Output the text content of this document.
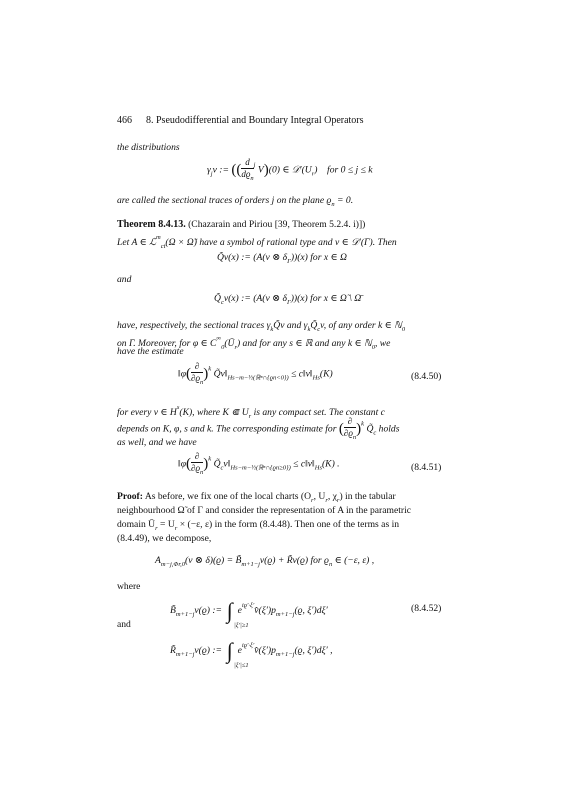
466 8. Pseudodifferential and Boundary Integral Operators
the distributions
$\gamma_jv$ := (( $\frac{d}{dϱ_n} ^j$ V)(0) ∈ $𝒟'(U_r)$    for 0 ≤ j ≤ k
are called the sectional traces of orders j on the plane $ϱ_n = 0$.
Theorem 8.4.13. (Chazarain and Piriou [39, Theorem 5.2.4. i)])
Let A ∈ ℒ$^m_{ct}$(Ω × Ω̃) have a symbol of rational type and v ∈ 𝒟′(Γ). Then
Q̃v(x) := (A(v ⊗ $\delta_\Gamma))(x)$ for x ∈ Ω
and
$Q̃_cv(x)$ := (A(v ⊗ $\delta_\Gamma))(x)$ for x ∈ Ω̃ \ Ω̄
have, respectively, the sectional traces $\gamma_kQ̃v$ and $\gamma_kQ̃_cv$, of any order k ∈ ℕ$_0$
on Γ. Moreover, for φ ∈ $C^\infty_0(Ū_r)$ and for any s ∈ ℝ and any k ∈ ℕ$_0$, we
have the estimate
‖φ( $\frac{\partial}{\partial ϱ_n} )^k$ $Q̃v‖_{Hs-m-\frac{1}{2}(ℝ^n\cap\{ϱn<0\})}$ ≤ $c‖v‖_{Hs}(K)$	(8.4.50)
for every v ∈ $H^s(K)$, where K ⋐ $U_r$ is any compact set. The constant c
depends on K, φ, s and k. The corresponding estimate for ( $\frac{\partial}{\partial ϱ_n} )^k$ $Q̃_c$ holds
as well, and we have
‖φ( $\frac{\partial}{\partial ϱ_n} )^k$ $Q̃_cv‖_{Hs-m-\frac{1}{2}(ℝ^n\cap\{ϱn\ge 0\})}$ ≤ $c‖v‖_{Hs}(K)$ .	(8.4.51)
Proof: As before, we fix one of the local charts ($O_r$, $U_r$, $\chi_r$) in the tabular
neighbourhood Ω̃ of Γ and consider the representation of A in the parametric
domain $Ū_r = U_r \times (-\varepsilon$, ε) in the form (8.4.48). Then one of the terms as in
(8.4.49), we decompose,
$A_{m-j,\Phi r,0}(v$ ⊗ $\delta)(ϱ) = B̃_{m+1-j}v(ϱ)$ + R̃v(ϱ) for $ϱ_n$ ∈ (−ε, ε) ,
where
$B̃_{m+1-j}v(ϱ)$ := ∫ $e^{iϱ'\cdot\xi'}v̂(\xi')p_{m+1-j}(ϱ$, ξ′)dξ′
|ξ′|≥1
(8.4.52)
and
$R̃_{m+1-j}v(ϱ)$ := ∫ $e^{iϱ'\cdot\xi'}v̂(\xi')p_{m+1-j}(ϱ$, ξ′)dξ′ ,
|ξ′|≤1
